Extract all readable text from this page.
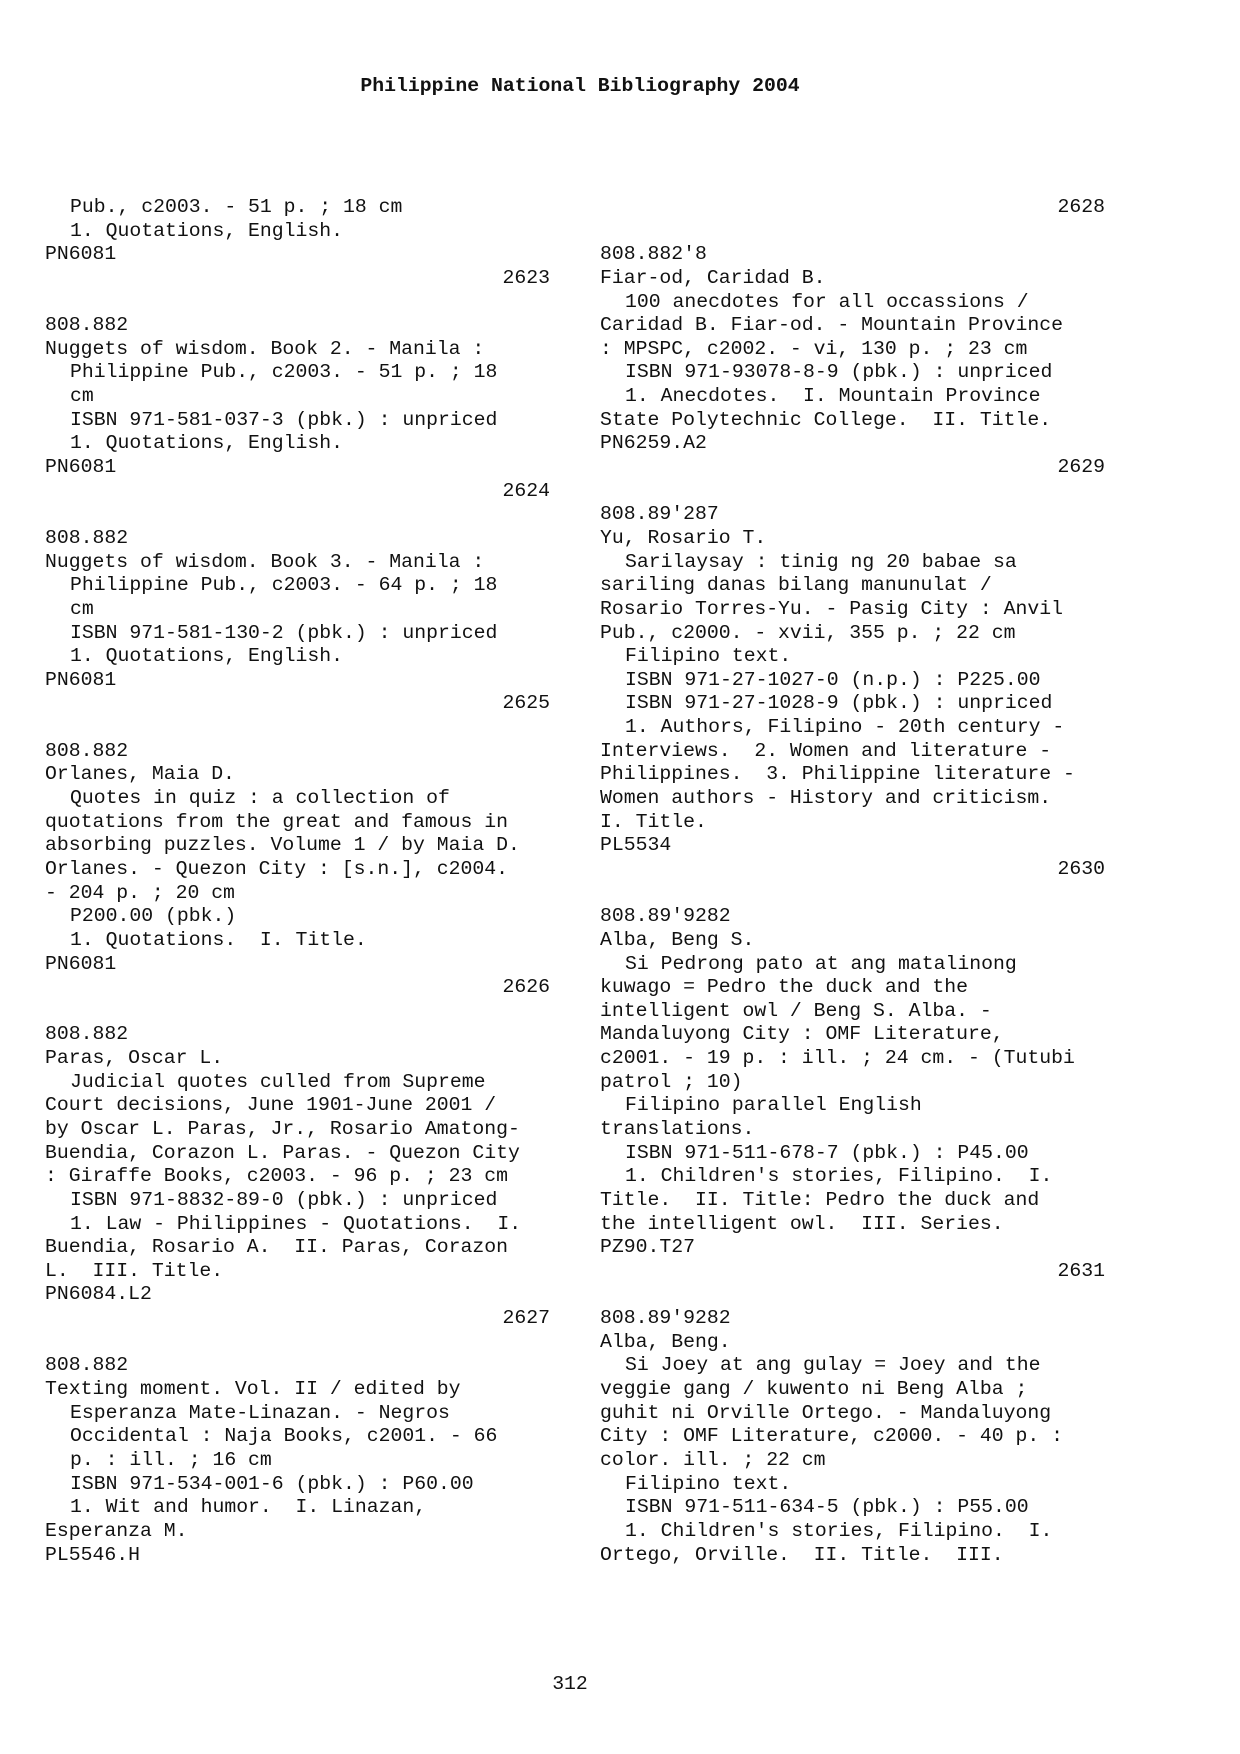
Philippine National Bibliography 2004
Pub., c2003. - 51 p. ; 18 cm
1. Quotations, English.
PN6081
2623
808.882
Nuggets of wisdom. Book 2. - Manila :
Philippine Pub., c2003. - 51 p. ; 18
cm
ISBN 971-581-037-3 (pbk.) : unpriced
1. Quotations, English.
PN6081
2624
808.882
Nuggets of wisdom. Book 3. - Manila :
Philippine Pub., c2003. - 64 p. ; 18
cm
ISBN 971-581-130-2 (pbk.) : unpriced
1. Quotations, English.
PN6081
2625
808.882
Orlanes, Maia D.
Quotes in quiz : a collection of
quotations from the great and famous in
absorbing puzzles. Volume 1 / by Maia D.
Orlanes. - Quezon City : [s.n.], c2004.
- 204 p. ; 20 cm
P200.00 (pbk.)
1. Quotations.  I. Title.
PN6081
2626
808.882
Paras, Oscar L.
Judicial quotes culled from Supreme
Court decisions, June 1901-June 2001 /
by Oscar L. Paras, Jr., Rosario Amatong-
Buendia, Corazon L. Paras. - Quezon City
: Giraffe Books, c2003. - 96 p. ; 23 cm
ISBN 971-8832-89-0 (pbk.) : unpriced
1. Law - Philippines - Quotations.  I.
Buendia, Rosario A.  II. Paras, Corazon
L.  III. Title.
PN6084.L2
2627
808.882
Texting moment. Vol. II / edited by
Esperanza Mate-Linazan. - Negros
Occidental : Naja Books, c2001. - 66
p. : ill. ; 16 cm
ISBN 971-534-001-6 (pbk.) : P60.00
1. Wit and humor.  I. Linazan,
Esperanza M.
PL5546.H
2628
808.882'8
Fiar-od, Caridad B.
100 anecdotes for all occassions /
Caridad B. Fiar-od. - Mountain Province
: MPSPC, c2002. - vi, 130 p. ; 23 cm
ISBN 971-93078-8-9 (pbk.) : unpriced
1. Anecdotes.  I. Mountain Province
State Polytechnic College.  II. Title.
PN6259.A2
2629
808.89'287
Yu, Rosario T.
Sarilaysay : tinig ng 20 babae sa
sariling danas bilang manunulat /
Rosario Torres-Yu. - Pasig City : Anvil
Pub., c2000. - xvii, 355 p. ; 22 cm
Filipino text.
ISBN 971-27-1027-0 (n.p.) : P225.00
ISBN 971-27-1028-9 (pbk.) : unpriced
1. Authors, Filipino - 20th century -
Interviews.  2. Women and literature -
Philippines.  3. Philippine literature -
Women authors - History and criticism.
I. Title.
PL5534
2630
808.89'9282
Alba, Beng S.
Si Pedrong pato at ang matalinong
kuwago = Pedro the duck and the
intelligent owl / Beng S. Alba. -
Mandaluyong City : OMF Literature,
c2001. - 19 p. : ill. ; 24 cm. - (Tutubi
patrol ; 10)
Filipino parallel English
translations.
ISBN 971-511-678-7 (pbk.) : P45.00
1. Children's stories, Filipino.  I.
Title.  II. Title: Pedro the duck and
the intelligent owl.  III. Series.
PZ90.T27
2631
808.89'9282
Alba, Beng.
Si Joey at ang gulay = Joey and the
veggie gang / kuwento ni Beng Alba ;
guhit ni Orville Ortego. - Mandaluyong
City : OMF Literature, c2000. - 40 p. :
color. ill. ; 22 cm
Filipino text.
ISBN 971-511-634-5 (pbk.) : P55.00
1. Children's stories, Filipino.  I.
Ortego, Orville.  II. Title.  III.
312
